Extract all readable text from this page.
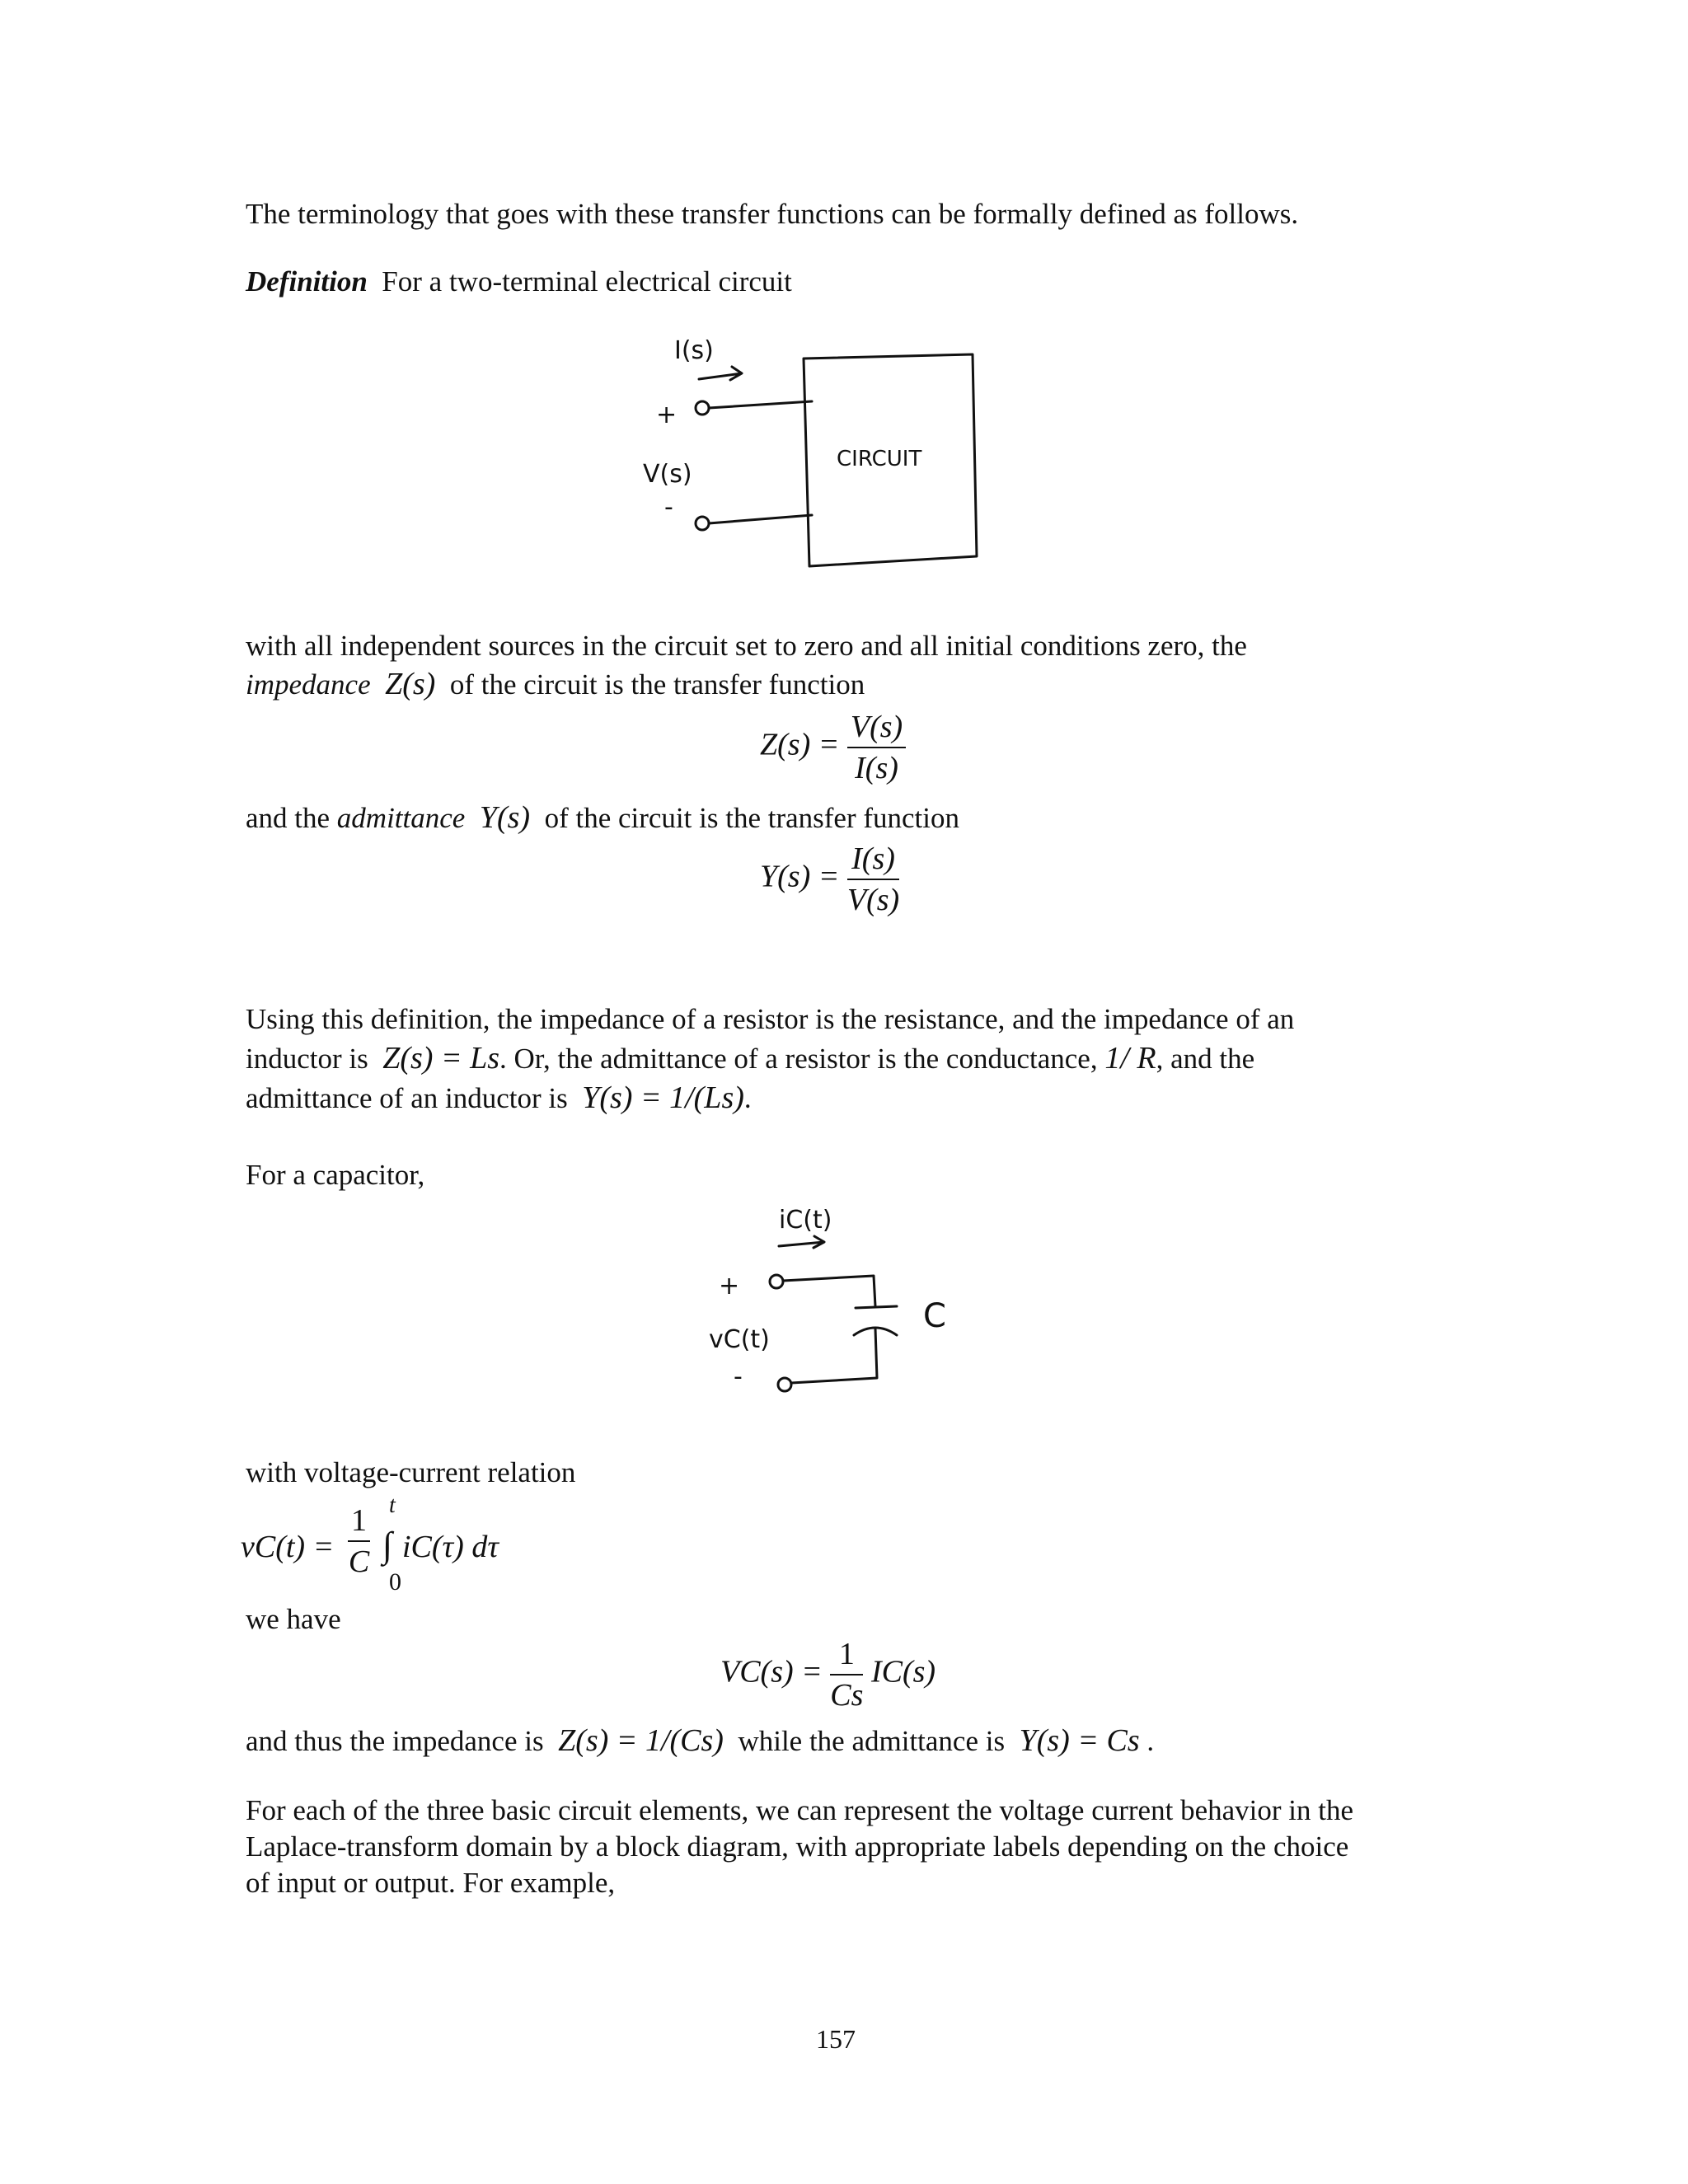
The terminology that goes with these transfer functions can be formally defined as follows.
Definition For a two-terminal electrical circuit
I(s)
+
V(s)
-
CIRCUIT
with all independent sources in the circuit set to zero and all initial conditions zero, the
impedance Z(s) of the circuit is the transfer function
$Z(s) = \frac{V(s)}{I(s)}$
and the admittance Y(s) of the circuit is the transfer function
$Y(s) = \frac{I(s)}{V(s)}$
Using this definition, the impedance of a resistor is the resistance, and the impedance of an
inductor is Z(s) = Ls. Or, the admittance of a resistor is the conductance, 1/ R, and the
admittance of an inductor is Y(s) = 1/(Ls).
For a capacitor,
iC(t)
+
C
vC(t)
-
with voltage-current relation
$vC(t) = \frac{1}{C}$ t
∫
0
iC(τ) dτ
we have
$VC(s) = \frac{1}{Cs} IC(s)$
and thus the impedance is Z(s) = 1/(Cs) while the admittance is Y(s) = Cs .
For each of the three basic circuit elements, we can represent the voltage current behavior in the
Laplace-transform domain by a block diagram, with appropriate labels depending on the choice
of input or output. For example,
157
